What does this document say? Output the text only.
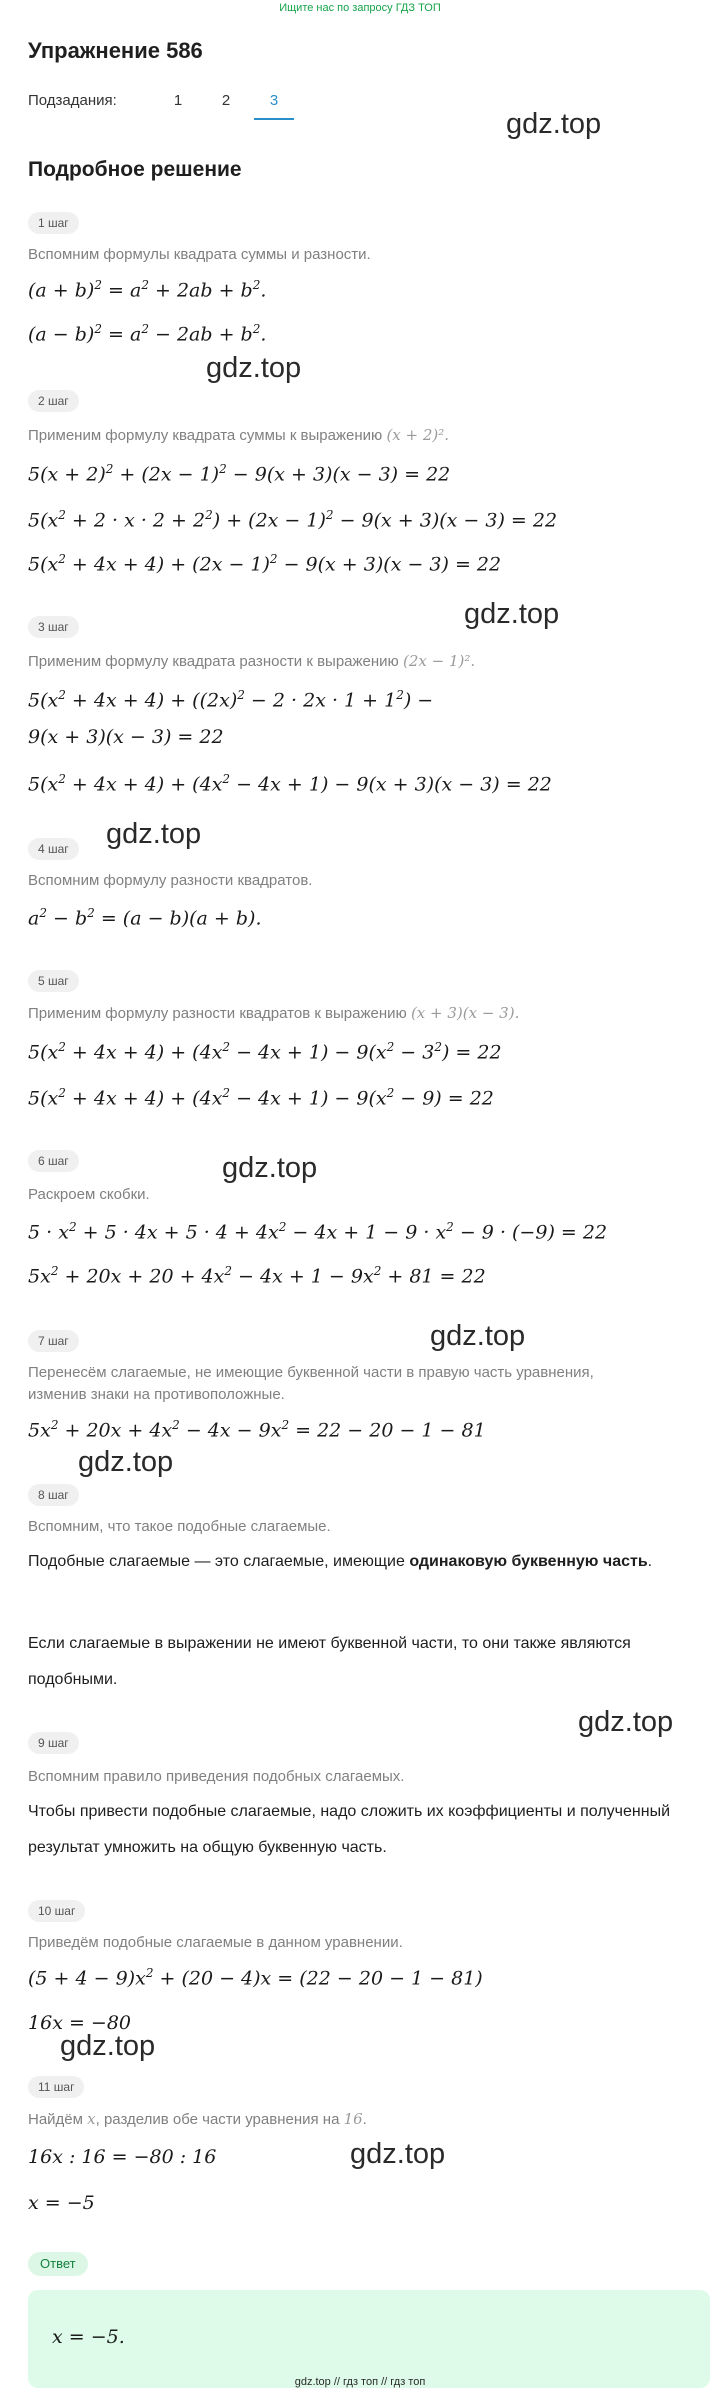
Ищите нас по запросу ГДЗ ТОП
Упражнение 586
Подзадания:	1	2	3
gdz.top
Подробное решение
1 шаг
Вспомним формулы квадрата суммы и разности.
$(a + b)^2 = a^2 + 2ab + b^2$.
$(a - b)^2 = a^2 - 2ab + b^2$.
gdz.top
2 шаг
Применим формулу квадрата суммы к выражению (x + 2)².
$5(x + 2)^2 + (2x - 1)^2 - 9(x + 3)(x - 3) = 22$
$5(x^2 + 2 \cdot x \cdot 2 + 2^2) + (2x - 1)^2 - 9(x + 3)(x - 3) = 22$
$5(x^2 + 4x + 4) + (2x - 1)^2 - 9(x + 3)(x - 3) = 22$
gdz.top
3 шаг
Применим формулу квадрата разности к выражению (2x − 1)².
$5(x^2 + 4x + 4) + ((2x)^2 - 2 \cdot 2x \cdot 1 + 1^2)$ −
9(x + 3)(x − 3) = 22
$5(x^2 + 4x + 4) + (4x^2 - 4x + 1) - 9(x + 3)(x - 3) = 22$
gdz.top
4 шаг
Вспомним формулу разности квадратов.
$a^2 - b^2 = (a - b)(a + b)$.
5 шаг
Применим формулу разности квадратов к выражению (x + 3)(x − 3).
$5(x^2 + 4x + 4) + (4x^2 - 4x + 1) - 9(x^2 - 3^2) = 22$
$5(x^2 + 4x + 4) + (4x^2 - 4x + 1) - 9(x^2 - 9) = 22$
6 шаг	gdz.top
Раскроем скобки.
$5 \cdot x^2 + 5 \cdot 4x + 5 \cdot 4 + 4x^2 - 4x + 1 - 9 \cdot x^2 - 9 \cdot (-9) = 22$
$5x^2 + 20x + 20 + 4x^2 - 4x + 1 - 9x^2 + 81 = 22$
gdz.top
7 шаг
Перенесём слагаемые, не имеющие буквенной части в правую часть уравнения,
изменив знаки на противоположные.
$5x^2 + 20x + 4x^2 - 4x - 9x^2 = 22 - 20 - 1 - 81$
gdz.top
8 шаг
Вспомним, что такое подобные слагаемые.
Подобные слагаемые — это слагаемые, имеющие одинаковую буквенную часть.
Если слагаемые в выражении не имеют буквенной части, то они также являются подобными.
gdz.top
9 шаг
Вспомним правило приведения подобных слагаемых.
Чтобы привести подобные слагаемые, надо сложить их коэффициенты и полученный результат умножить на общую буквенную часть.
10 шаг
Приведём подобные слагаемые в данном уравнении.
$(5 + 4 - 9)x^2 + (20 - 4)x = (22 - 20 - 1 - 81)$
16x = −80
gdz.top
11 шаг
Найдём x, разделив обе части уравнения на 16.
16x : 16 = −80 : 16	gdz.top
x = −5
Ответ
x = −5.
gdz.top // гдз топ // гдз топ
